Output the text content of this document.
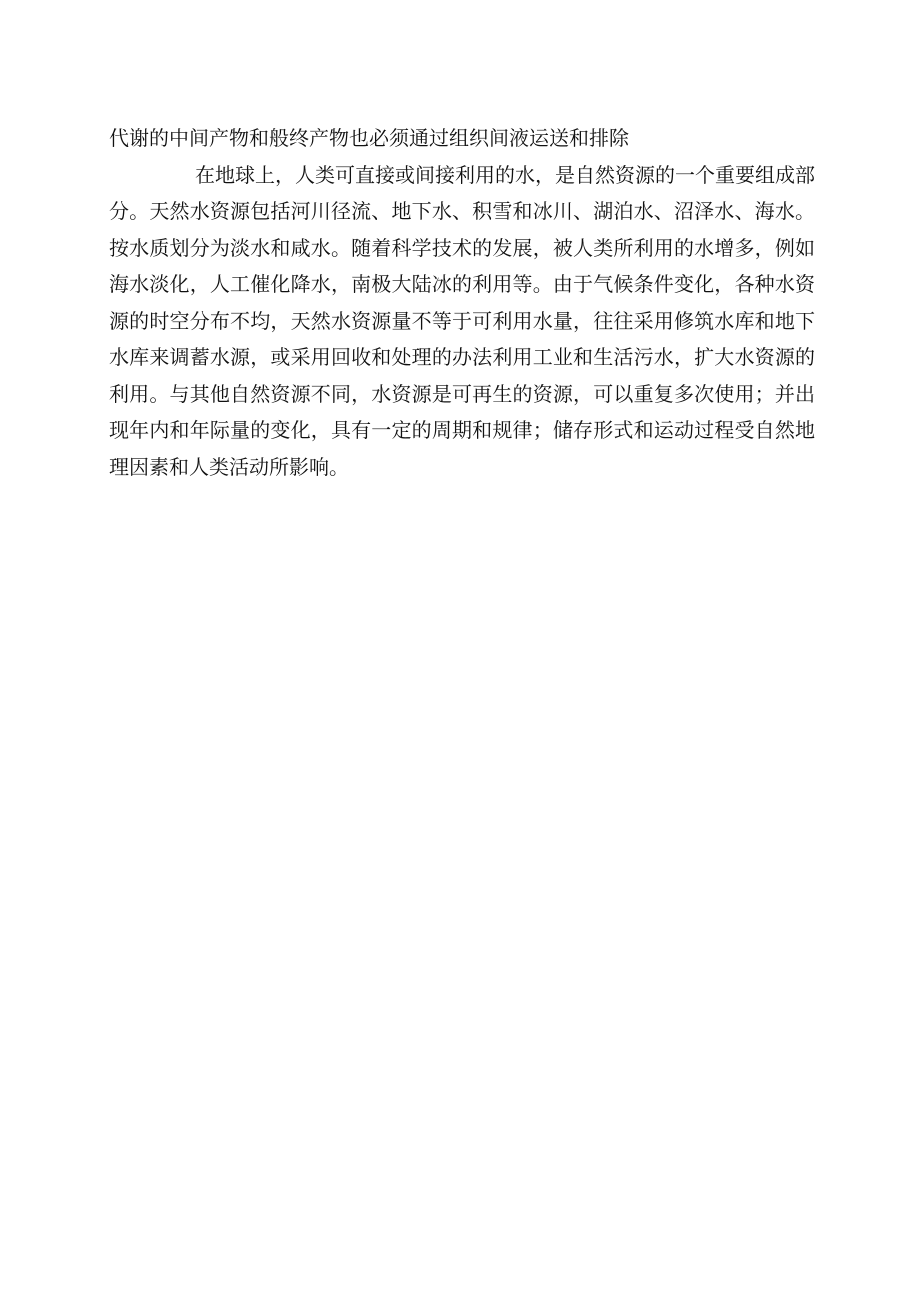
代谢的中间产物和般终产物也必须通过组织间液运送和排除
在地球上，人类可直接或间接利用的水，是自然资源的一个重要组成部
分。天然水资源包括河川径流、地下水、积雪和冰川、湖泊水、沼泽水、海水。
按水质划分为淡水和咸水。随着科学技术的发展，被人类所利用的水增多，例如
海水淡化，人工催化降水，南极大陆冰的利用等。由于气候条件变化，各种水资
源的时空分布不均，天然水资源量不等于可利用水量，往往采用修筑水库和地下
水库来调蓄水源，或采用回收和处理的办法利用工业和生活污水，扩大水资源的
利用。与其他自然资源不同，水资源是可再生的资源，可以重复多次使用；并出
现年内和年际量的变化，具有一定的周期和规律；储存形式和运动过程受自然地
理因素和人类活动所影响。
